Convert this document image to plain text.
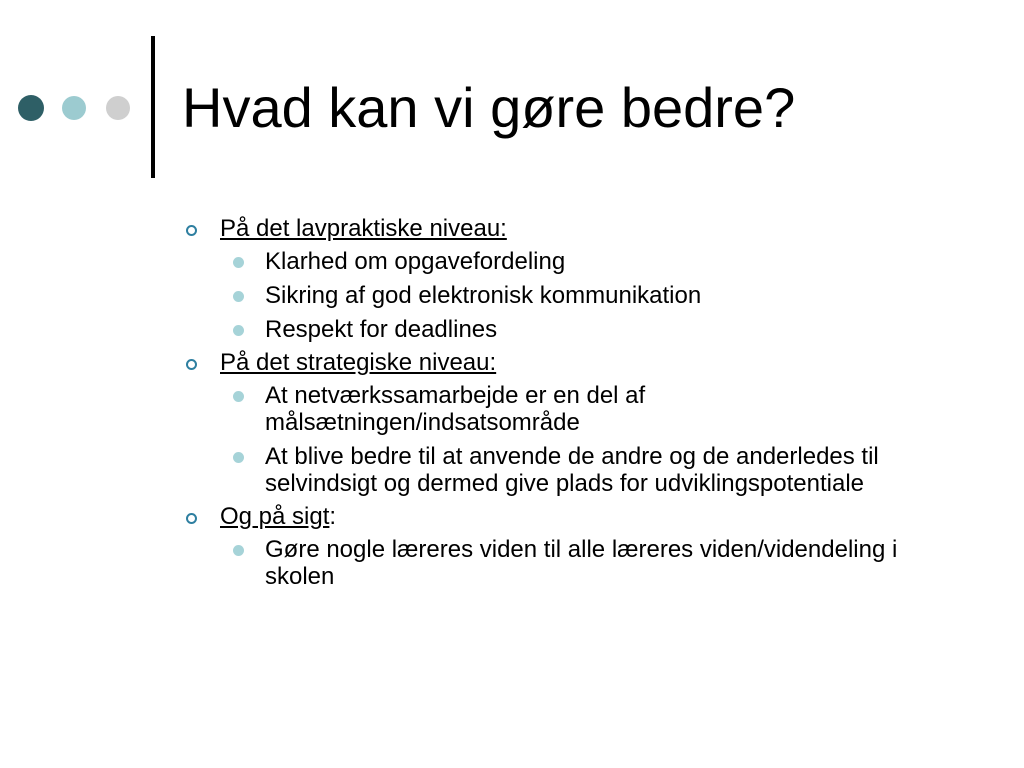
Hvad kan vi gøre bedre?
På det lavpraktiske niveau:
Klarhed om opgavefordeling
Sikring af god elektronisk kommunikation
Respekt for deadlines
På det strategiske niveau:
At netværkssamarbejde er en del af målsætningen/indsatsområde
At blive bedre til at anvende de andre og de anderledes til selvindsigt og dermed give plads for udviklingspotentiale
Og på sigt:
Gøre nogle læreres viden til alle læreres viden/videndeling i skolen
